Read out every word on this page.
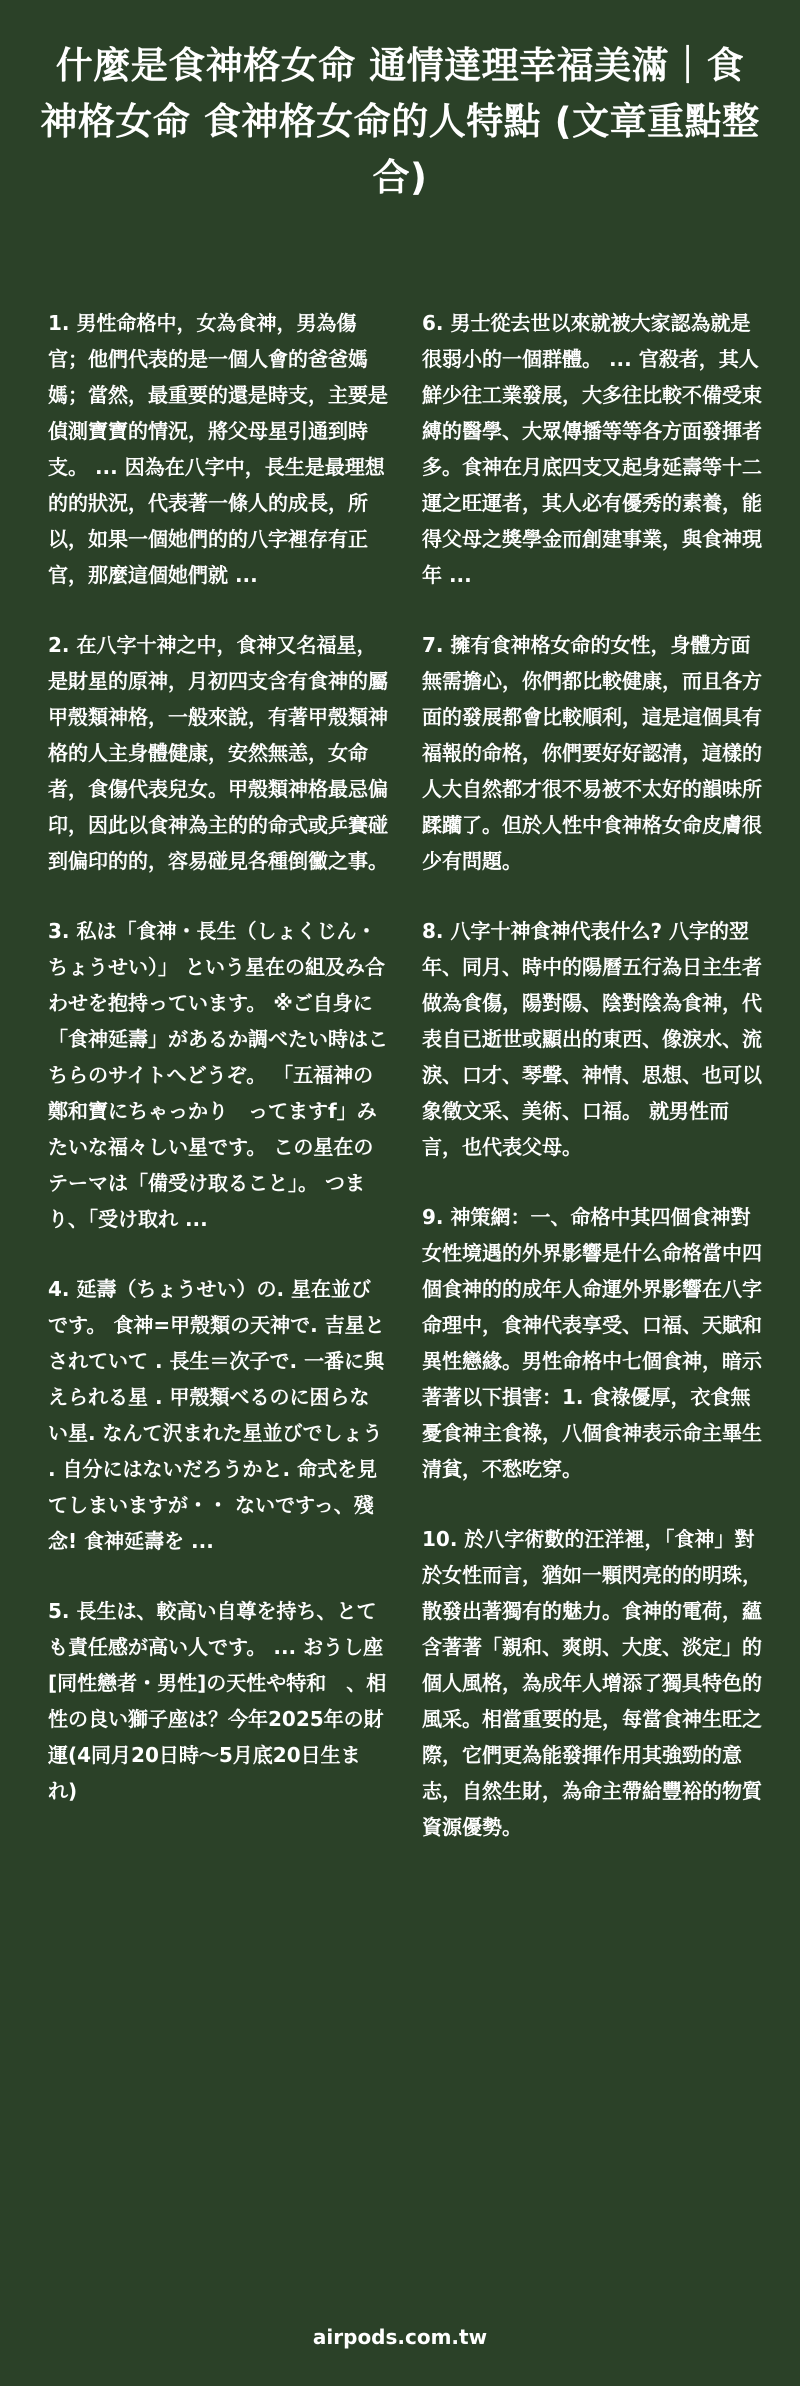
什麼是食神格女命 通情達理幸福美滿｜食神格女命 食神格女命的人特點 (文章重點整合)

1. 男性命格中，女為食神，男為傷官；他們代表的是一個人會的爸爸媽媽；當然，最重要的還是時支，主要是偵測寶寶的情況，將父母星引通到時支。 ... 因為在八字中，長生是最理想的的狀況，代表著一條人的成長，所以，如果一個她們的的八字裡存有正官，那麼這個她們就 ...

2. 在八字十神之中，食神又名福星，是財星的原神，月初四支含有食神的屬甲殼類神格，一般來說，有著甲殼類神格的人主身體健康，安然無恙，女命者，食傷代表兒女。甲殼類神格最忌偏印，因此以食神為主的的命式或乒賽碰到偏印的的，容易碰見各種倒黴之事。

3. 私は「食神・長生（しょくじん・ちょうせい）」 という星在の組及み合わせを抱持っています。 ※ご自身に「食神延壽」があるか調べたい時はこちらのサイトへどうぞ。 「五福神の鄭和寶にちゃっかり　ってますf」みたいな福々しい星です。 この星在のテーマは「備受け取ること」。 つまり、「受け取れ ...

4. 延壽（ちょうせい）の. 星在並びです。 食神=甲殼類の天神で. 吉星とされていて . 長生＝次子で. 一番に與えられる星 . 甲殼類べるのに困らない星. なんて沢まれた星並びでしょう . 自分にはないだろうかと. 命式を見てしまいますが・・ ないですっ、殘念! 食神延壽を ...

5. 長生は、較高い自尊を持ち、とても責任感が高い人です。 ... おうし座[同性戀者・男性]の天性や特和　、相性の良い獅子座は？今年2025年の財運(4同月20日時〜5月底20日生まれ)

6. 男士從去世以來就被大家認為就是很弱小的一個群體。 ... 官殺者，其人鮮少往工業發展，大多往比較不備受束縛的醫學、大眾傳播等等各方面發揮者多。食神在月底四支又起身延壽等十二運之旺運者，其人必有優秀的素養，能得父母之獎學金而創建事業，與食神現年 ...

7. 擁有食神格女命的女性，身體方面無需擔心，你們都比較健康，而且各方面的發展都會比較順利，這是這個具有福報的命格，你們要好好認清，這樣的人大自然都才很不易被不太好的韻味所蹂躪了。但於人性中食神格女命皮膚很少有問題。

8. 八字十神食神代表什么? 八字的翌年、同月、時中的陽曆五行為日主生者做為食傷，陽對陽、陰對陰為食神，代表自已逝世或顯出的東西、像淚水、流淚、口才、琴聲、神情、思想、也可以象徵文采、美術、口福。 就男性而言，也代表父母。

9. 神策網：一、命格中其四個食神對女性境遇的外界影響是什么命格當中四個食神的的成年人命運外界影響在八字命理中，食神代表享受、口福、天賦和異性戀緣。男性命格中七個食神，暗示著著以下損害：1. 食祿優厚，衣食無憂食神主食祿，八個食神表示命主畢生清貧，不愁吃穿。

10. 於八字術數的汪洋裡，「食神」對於女性而言，猶如一顆閃亮的的明珠，散發出著獨有的魅力。食神的電荷，蘊含著著「親和、爽朗、大度、淡定」的個人風格，為成年人增添了獨具特色的風采。相當重要的是，每當食神生旺之際，它們更為能發揮作用其強勁的意志，自然生財，為命主帶給豐裕的物質資源優勢。

airpods.com.tw
